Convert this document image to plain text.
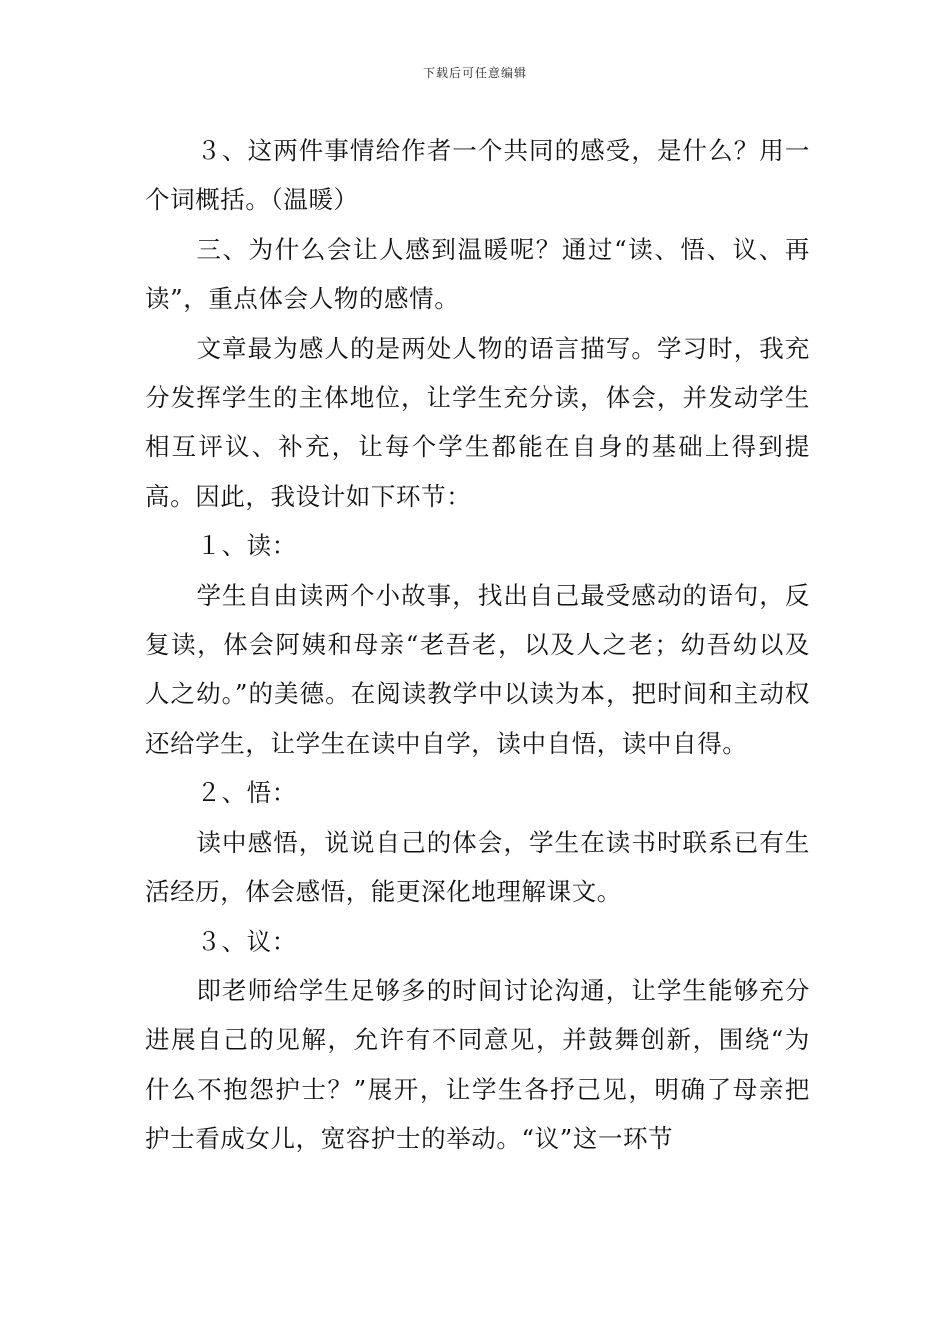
下载后可任意编辑

３、这两件事情给作者一个共同的感受，是什么？用一个词概括。（温暖）

三、为什么会让人感到温暖呢？通过“读、悟、议、再读”，重点体会人物的感情。

文章最为感人的是两处人物的语言描写。学习时，我充分发挥学生的主体地位，让学生充分读，体会，并发动学生相互评议、补充，让每个学生都能在自身的基础上得到提高。因此，我设计如下环节：

１、读：

学生自由读两个小故事，找出自己最受感动的语句，反复读，体会阿姨和母亲“老吾老，以及人之老；幼吾幼以及人之幼。”的美德。在阅读教学中以读为本，把时间和主动权还给学生，让学生在读中自学，读中自悟，读中自得。

２、悟：

读中感悟，说说自己的体会，学生在读书时联系已有生活经历，体会感悟，能更深化地理解课文。

３、议：

即老师给学生足够多的时间讨论沟通，让学生能够充分进展自己的见解，允许有不同意见，并鼓舞创新，围绕“为什么不抱怨护士？”展开，让学生各抒己见，明确了母亲把护士看成女儿，宽容护士的举动。“议”这一环节
